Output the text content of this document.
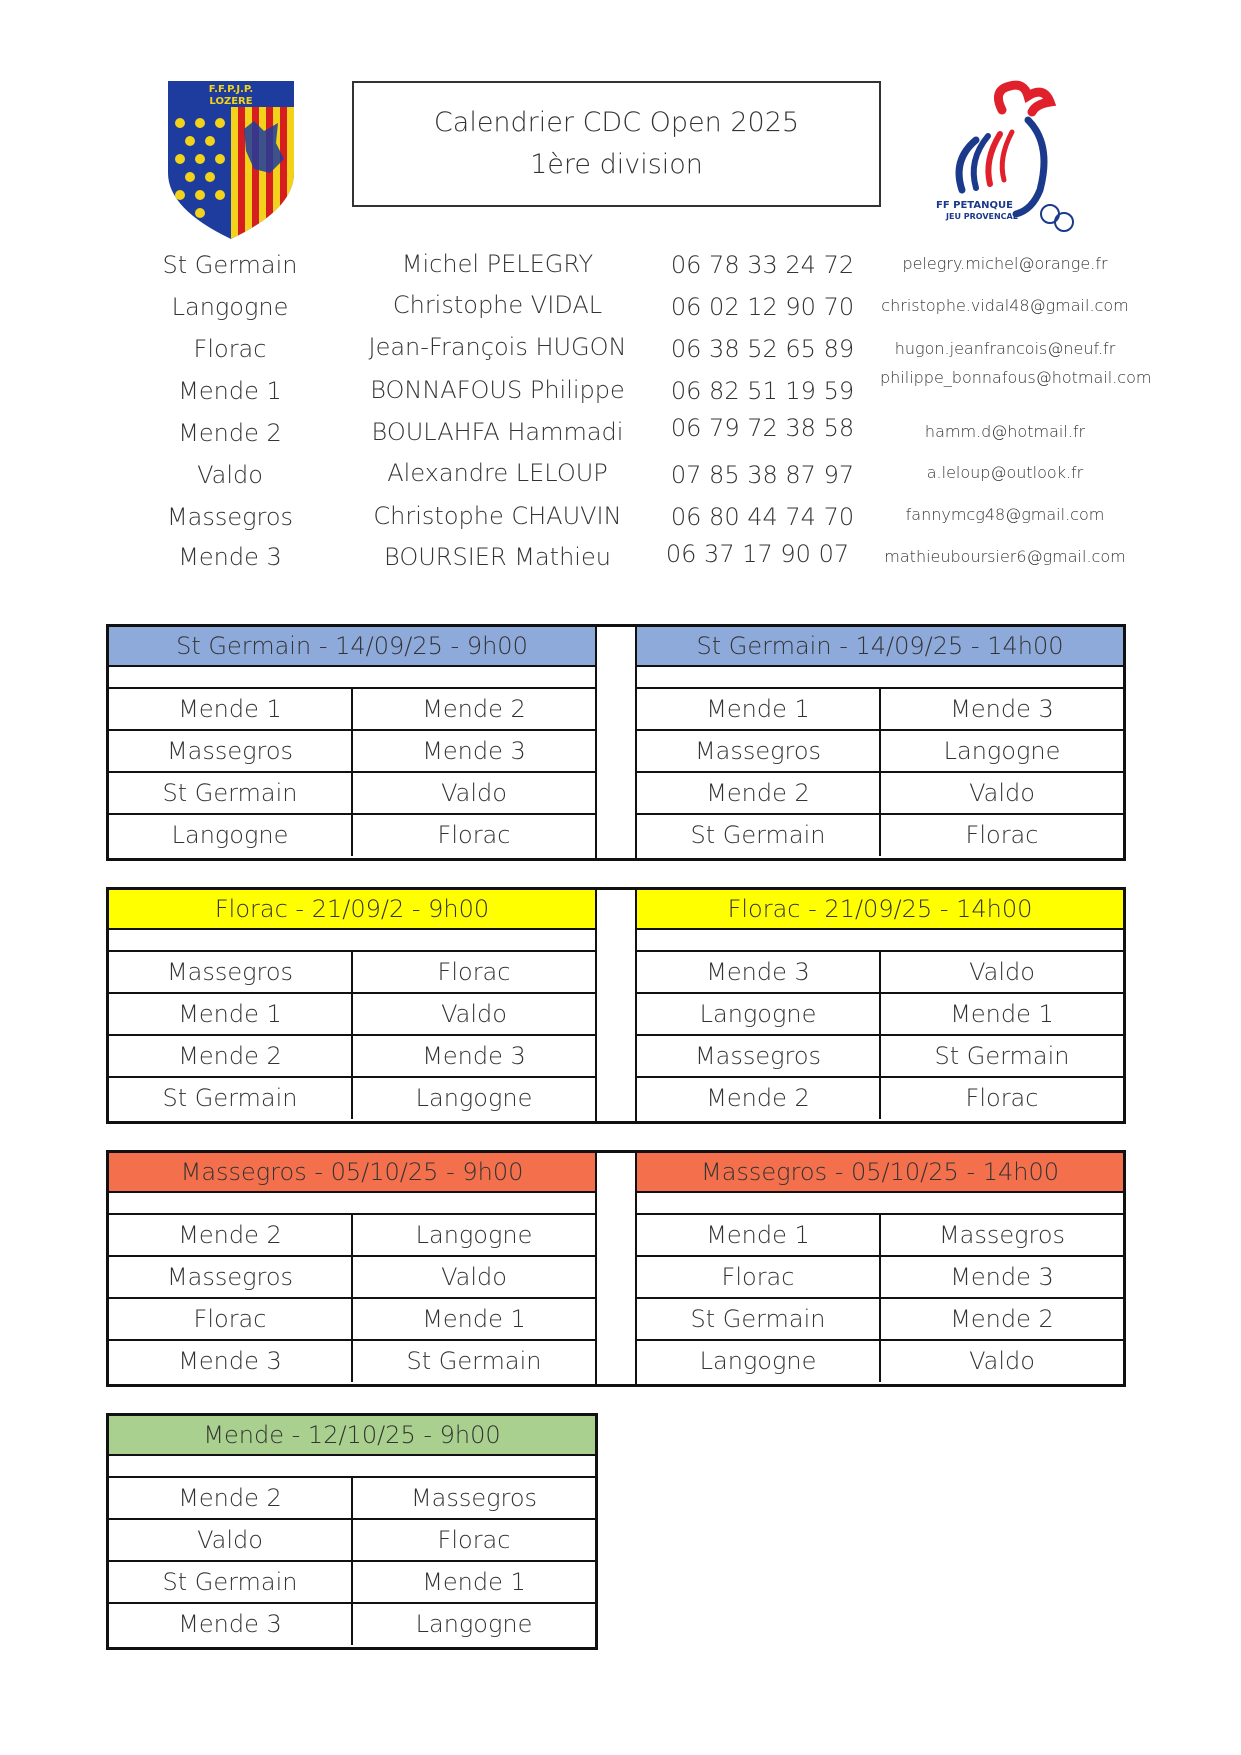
F.F.P.J.P.
LOZERE
Calendrier CDC Open 2025
1ère division
FF PETANQUE
JEU PROVENCAL
St Germain	Michel PELEGRY	06 78 33 24 72	pelegry.michel@orange.fr
Langogne	Christophe VIDAL	06 02 12 90 70	christophe.vidal48@gmail.com
Florac	Jean-François HUGON	06 38 52 65 89	hugon.jeanfrancois@neuf.fr
Mende 1	BONNAFOUS Philippe	06 82 51 19 59	philippe_bonnafous@hotmail.com
Mende 2	BOULAHFA Hammadi	06 79 72 38 58	hamm.d@hotmail.fr
Valdo	Alexandre LELOUP	07 85 38 87 97	a.leloup@outlook.fr
Massegros	Christophe CHAUVIN	06 80 44 74 70	fannymcg48@gmail.com
Mende 3	BOURSIER Mathieu	06 37 17 90 07	mathieuboursier6@gmail.com
St Germain - 14/09/25 - 9h00
Mende 1	Mende 2
Massegros	Mende 3
St Germain	Valdo
Langogne	Florac
St Germain - 14/09/25 - 14h00
Mende 1	Mende 3
Massegros	Langogne
Mende 2	Valdo
St Germain	Florac
Florac - 21/09/2 - 9h00
Massegros	Florac
Mende 1	Valdo
Mende 2	Mende 3
St Germain	Langogne
Florac - 21/09/25 - 14h00
Mende 3	Valdo
Langogne	Mende 1
Massegros	St Germain
Mende 2	Florac
Massegros - 05/10/25 - 9h00
Mende 2	Langogne
Massegros	Valdo
Florac	Mende 1
Mende 3	St Germain
Massegros - 05/10/25 - 14h00
Mende 1	Massegros
Florac	Mende 3
St Germain	Mende 2
Langogne	Valdo
Mende - 12/10/25 - 9h00
Mende 2	Massegros
Valdo	Florac
St Germain	Mende 1
Mende 3	Langogne
